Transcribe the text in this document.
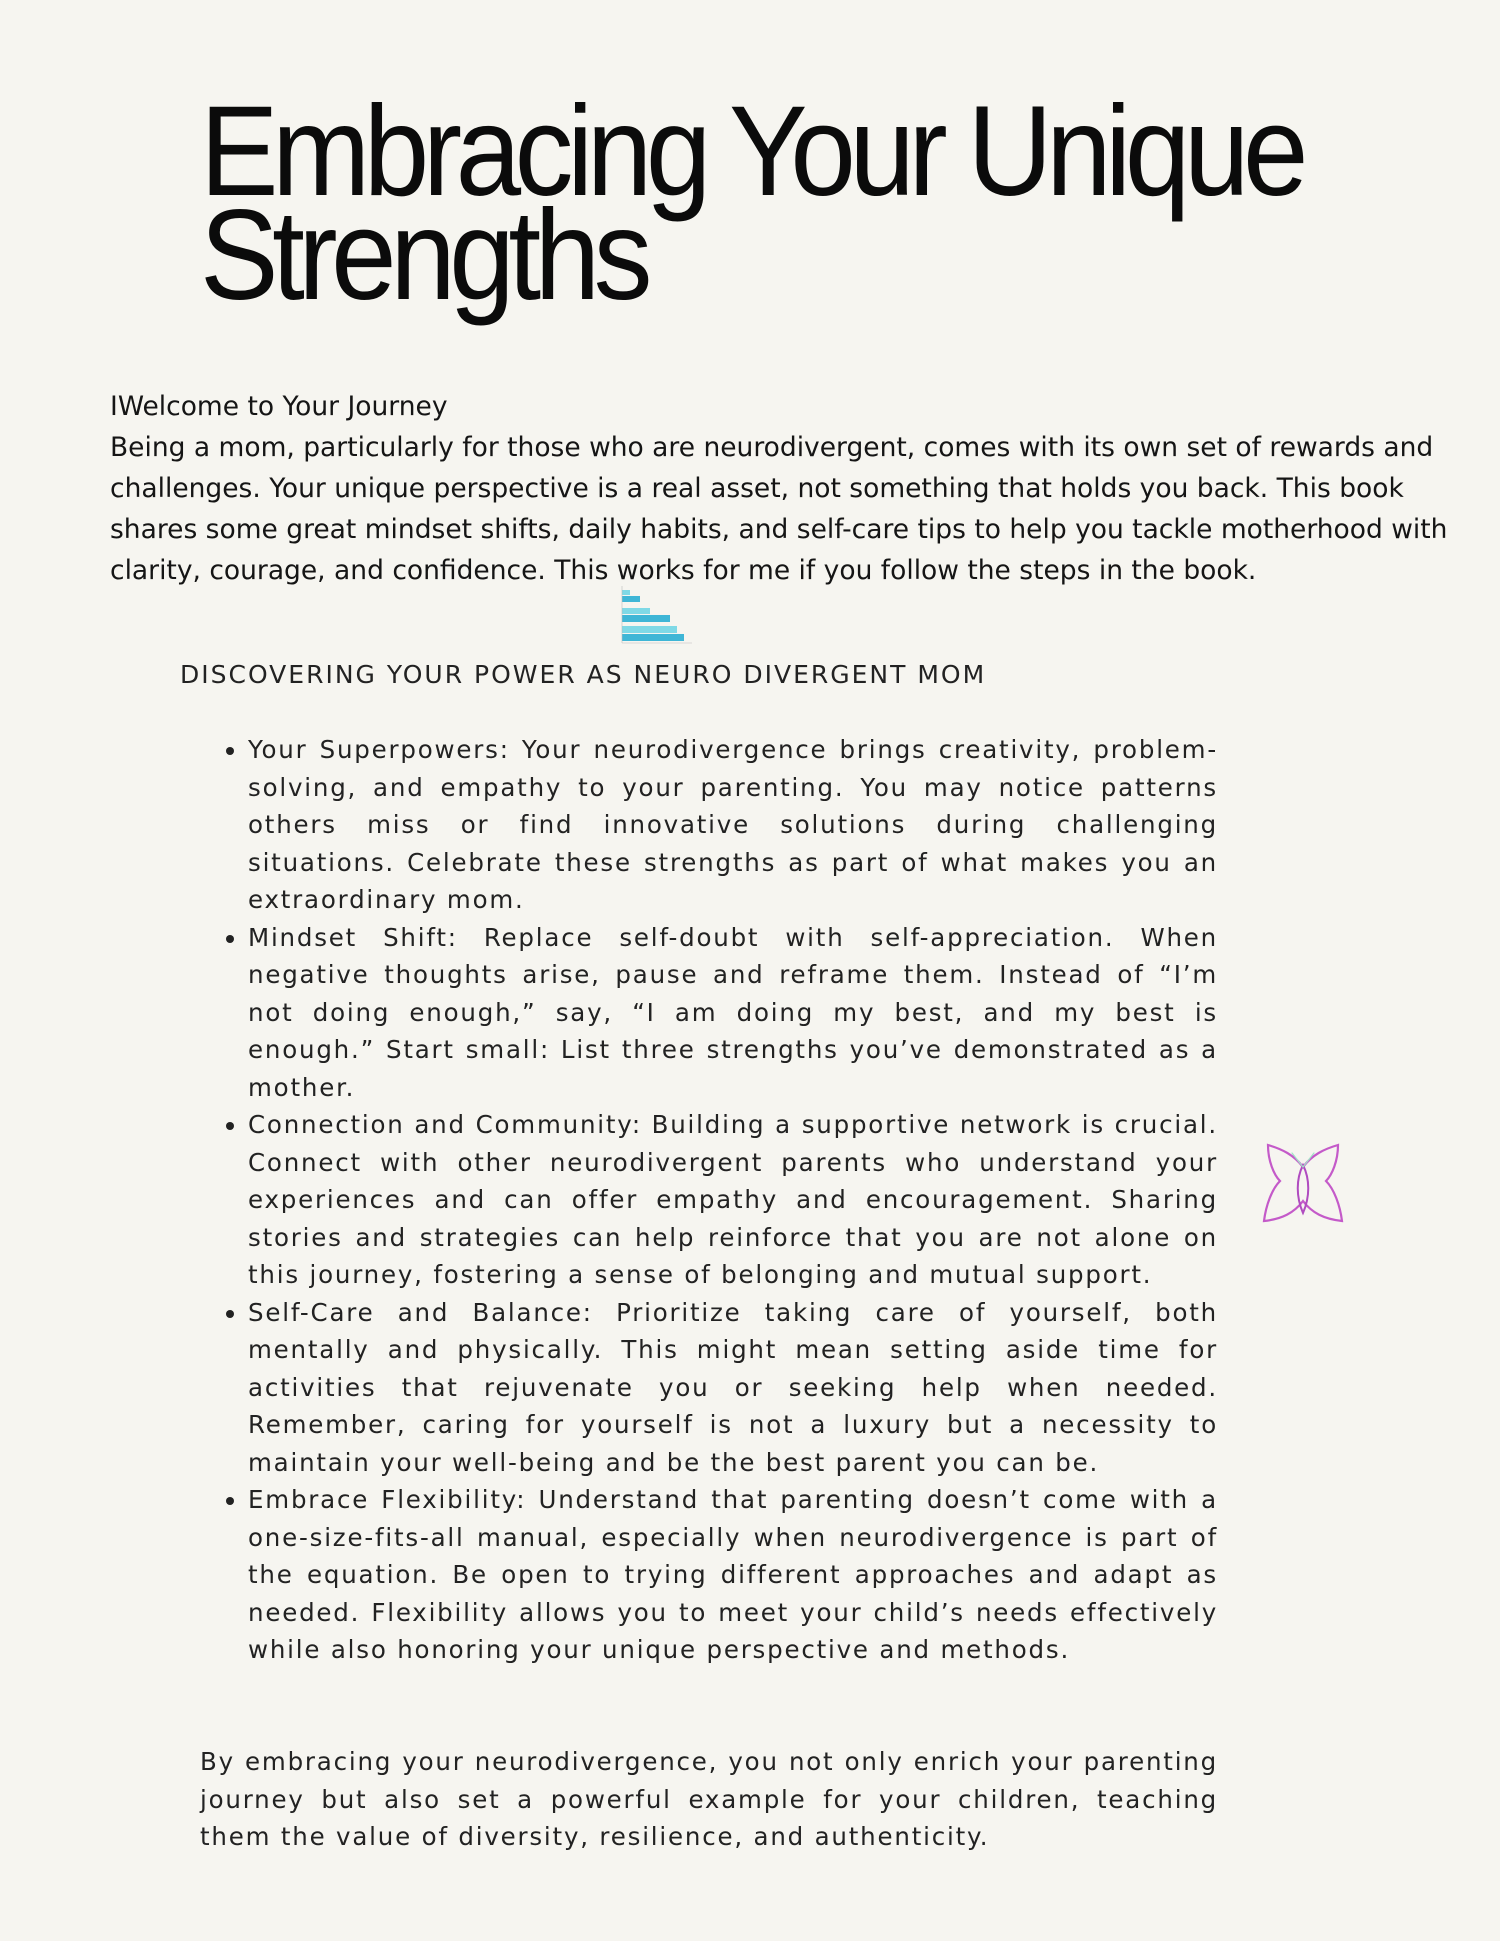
Embracing Your Unique
Strengths

IWelcome to Your Journey

Being a mom, particularly for those who are neurodivergent, comes with its own set of rewards and challenges. Your unique perspective is a real asset, not something that holds you back. This book shares some great mindset shifts, daily habits, and self-care tips to help you tackle motherhood with clarity, courage, and confidence. This works for me if you follow the steps in the book.

DISCOVERING YOUR POWER AS NEURO DIVERGENT MOM
• Your Superpowers: Your neurodivergence brings creativity, problem-solving, and empathy to your parenting. You may notice patterns others miss or find innovative solutions during challenging situations. Celebrate these strengths as part of what makes you an extraordinary mom.
• Mindset Shift: Replace self-doubt with self-appreciation. When negative thoughts arise, pause and reframe them. Instead of “I’m not doing enough,” say, “I am doing my best, and my best is enough.” Start small: List three strengths you’ve demonstrated as a mother.
• Connection and Community: Building a supportive network is crucial. Connect with other neurodivergent parents who understand your experiences and can offer empathy and encouragement. Sharing stories and strategies can help reinforce that you are not alone on this journey, fostering a sense of belonging and mutual support.
• Self-Care and Balance: Prioritize taking care of yourself, both mentally and physically. This might mean setting aside time for activities that rejuvenate you or seeking help when needed. Remember, caring for yourself is not a luxury but a necessity to maintain your well-being and be the best parent you can be.
• Embrace Flexibility: Understand that parenting doesn’t come with a one-size-fits-all manual, especially when neurodivergence is part of the equation. Be open to trying different approaches and adapt as needed. Flexibility allows you to meet your child’s needs effectively while also honoring your unique perspective and methods.

By embracing your neurodivergence, you not only enrich your parenting journey but also set a powerful example for your children, teaching them the value of diversity, resilience, and authenticity.
